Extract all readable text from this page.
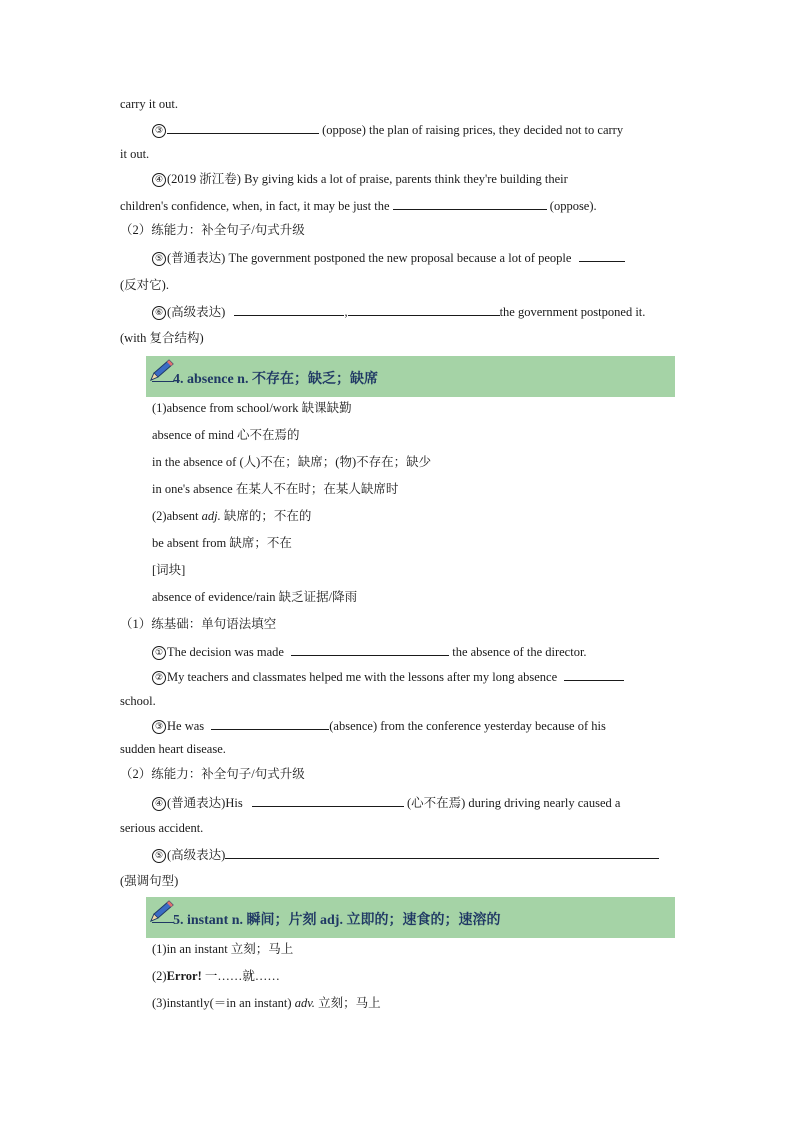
carry it out.
③	(oppose) the plan of raising prices, they decided not to carry
it out.
④ (2019 浙江卷) By giving kids a lot of praise, parents think they're building their
children's confidence, when, in fact, it may be just the	(oppose).
（2）练能力：补全句子/句式升级
⑤ (普通表达) The government postponed the new proposal because a lot of people
(反对它).
⑥ (高级表达)	,	the government postponed it.
(with 复合结构)
4. absence n. 不存在；缺乏；缺席
(1)absence from school/work 缺课缺勤
absence of mind 心不在焉的
in the absence of (人)不在；缺席；(物)不存在；缺少
in one's absence 在某人不在时；在某人缺席时
(2)absent adj. 缺席的；不在的
be absent from 缺席；不在
[词块]
absence of evidence/rain 缺乏证据/降雨
（1）练基础：单句语法填空
① The decision was made	the absence of the director.
② My teachers and classmates helped me with the lessons after my long absence
school.
③ He was	(absence) from the conference yesterday because of his
sudden heart disease.
（2）练能力：补全句子/句式升级
④ (普通表达)His	(心不在焉) during driving nearly caused a
serious accident.
⑤ (高级表达)
(强调句型)
5. instant n. 瞬间；片刻 adj. 立即的；速食的；速溶的
(1)in an instant 立刻；马上
(2)Error! 一……就……
(3)instantly(＝in an instant) adv. 立刻；马上
